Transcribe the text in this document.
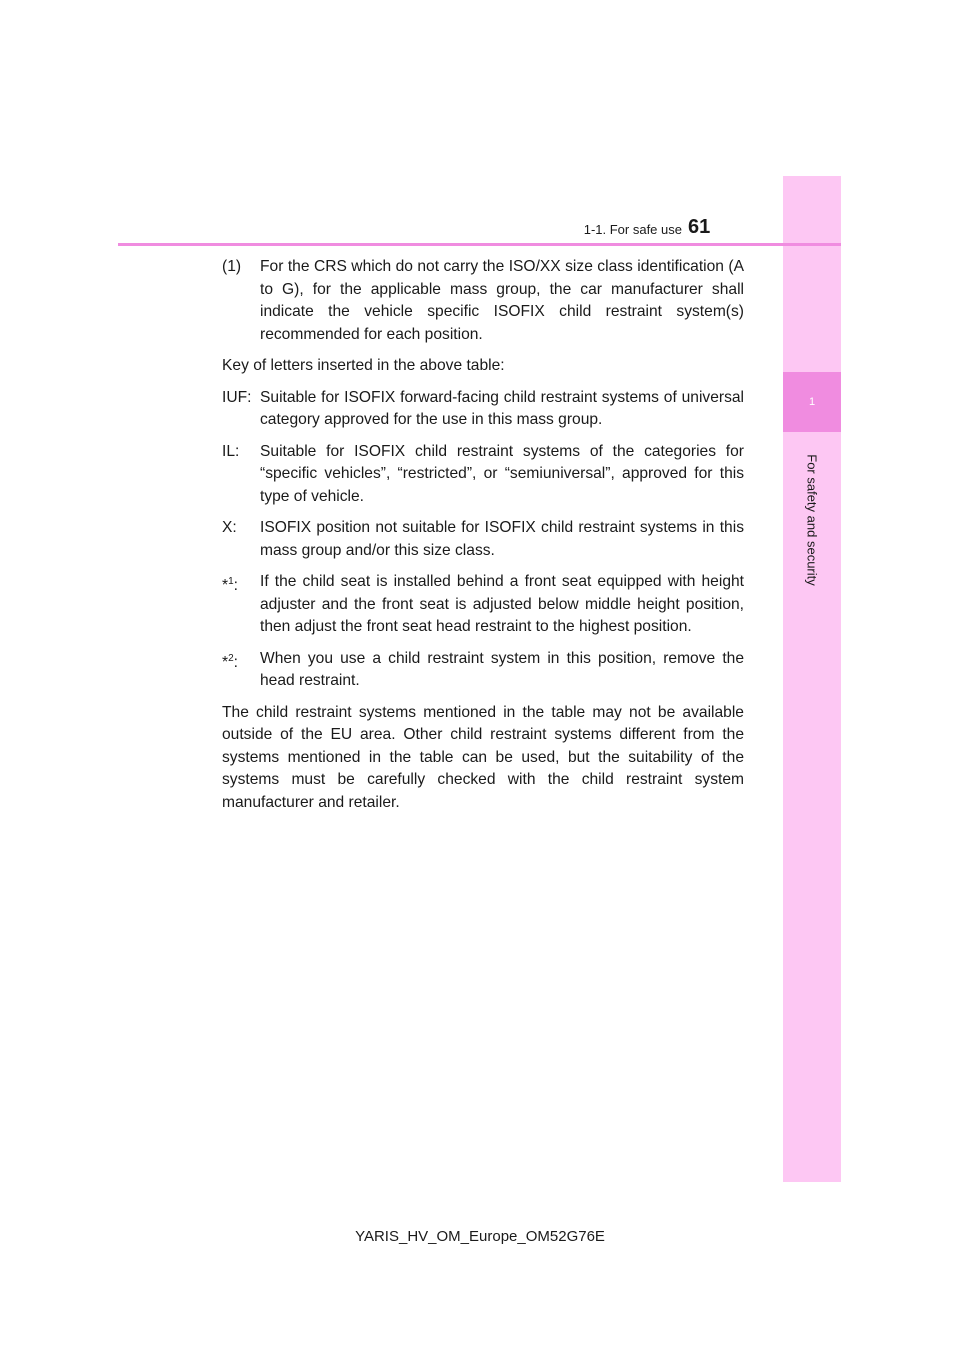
1
For safety and security
1-1. For safe use 61
(1)	For the CRS which do not carry the ISO/XX size class identification (A to G), for the applicable mass group, the car manufacturer shall indicate the vehicle specific ISOFIX child restraint system(s) recommended for each position.

Key of letters inserted in the above table:

IUF: Suitable for ISOFIX forward-facing child restraint systems of universal category approved for the use in this mass group.
IL:	Suitable for ISOFIX child restraint systems of the categories for “specific vehicles”, “restricted”, or “semiuniversal”, approved for this type of vehicle.
X:	ISOFIX position not suitable for ISOFIX child restraint systems in this mass group and/or this size class.
*$^1$:	If the child seat is installed behind a front seat equipped with height adjuster and the front seat is adjusted below middle height position, then adjust the front seat head restraint to the highest position.
*$^2$:	When you use a child restraint system in this position, remove the head restraint.

The child restraint systems mentioned in the table may not be available outside of the EU area. Other child restraint systems different from the systems mentioned in the table can be used, but the suitability of the systems must be carefully checked with the child restraint system manufacturer and retailer.

YARIS_HV_OM_Europe_OM52G76E
